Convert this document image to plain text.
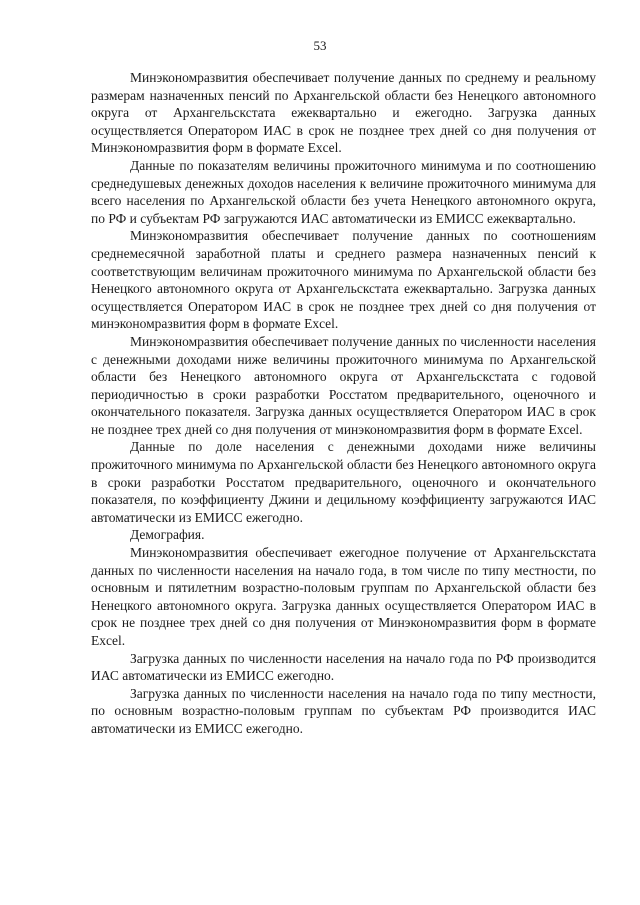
53

Минэкономразвития обеспечивает получение данных по среднему и реальному размерам назначенных пенсий по Архангельской области без Ненецкого автономного округа от Архангельскстата ежеквартально и ежегодно. Загрузка данных осуществляется Оператором ИАС в срок не позднее трех дней со дня получения от Минэкономразвития форм в формате Excel.

Данные по показателям величины прожиточного минимума и по соотношению среднедушевых денежных доходов населения к величине прожиточного минимума для всего населения по Архангельской области без учета Ненецкого автономного округа, по РФ и субъектам РФ загружаются ИАС автоматически из ЕМИСС ежеквартально.

Минэкономразвития обеспечивает получение данных по соотношениям среднемесячной заработной платы и среднего размера назначенных пенсий к соответствующим величинам прожиточного минимума по Архангельской области без Ненецкого автономного округа от Архангельскстата ежеквартально. Загрузка данных осуществляется Оператором ИАС в срок не позднее трех дней со дня получения от минэкономразвития форм в формате Excel.

Минэкономразвития обеспечивает получение данных по численности населения с денежными доходами ниже величины прожиточного минимума по Архангельской области без Ненецкого автономного округа от Архангельскстата с годовой периодичностью в сроки разработки Росстатом предварительного, оценочного и окончательного показателя. Загрузка данных осуществляется Оператором ИАС в срок не позднее трех дней со дня получения от минэкономразвития форм в формате Excel.

Данные по доле населения с денежными доходами ниже величины прожиточного минимума по Архангельской области без Ненецкого автономного округа в сроки разработки Росстатом предварительного, оценочного и окончательного показателя, по коэффициенту Джини и децильному коэффициенту загружаются ИАС автоматически из ЕМИСС ежегодно.

Демография.

Минэкономразвития обеспечивает ежегодное получение от Архангельскстата данных по численности населения на начало года, в том числе по типу местности, по основным и пятилетним возрастно-половым группам по Архангельской области без Ненецкого автономного округа. Загрузка данных осуществляется Оператором ИАС в срок не позднее трех дней со дня получения от Минэкономразвития форм в формате Excel.

Загрузка данных по численности населения на начало года по РФ производится ИАС автоматически из ЕМИСС ежегодно.

Загрузка данных по численности населения на начало года по типу местности, по основным возрастно-половым группам по субъектам РФ производится ИАС автоматически из ЕМИСС ежегодно.
